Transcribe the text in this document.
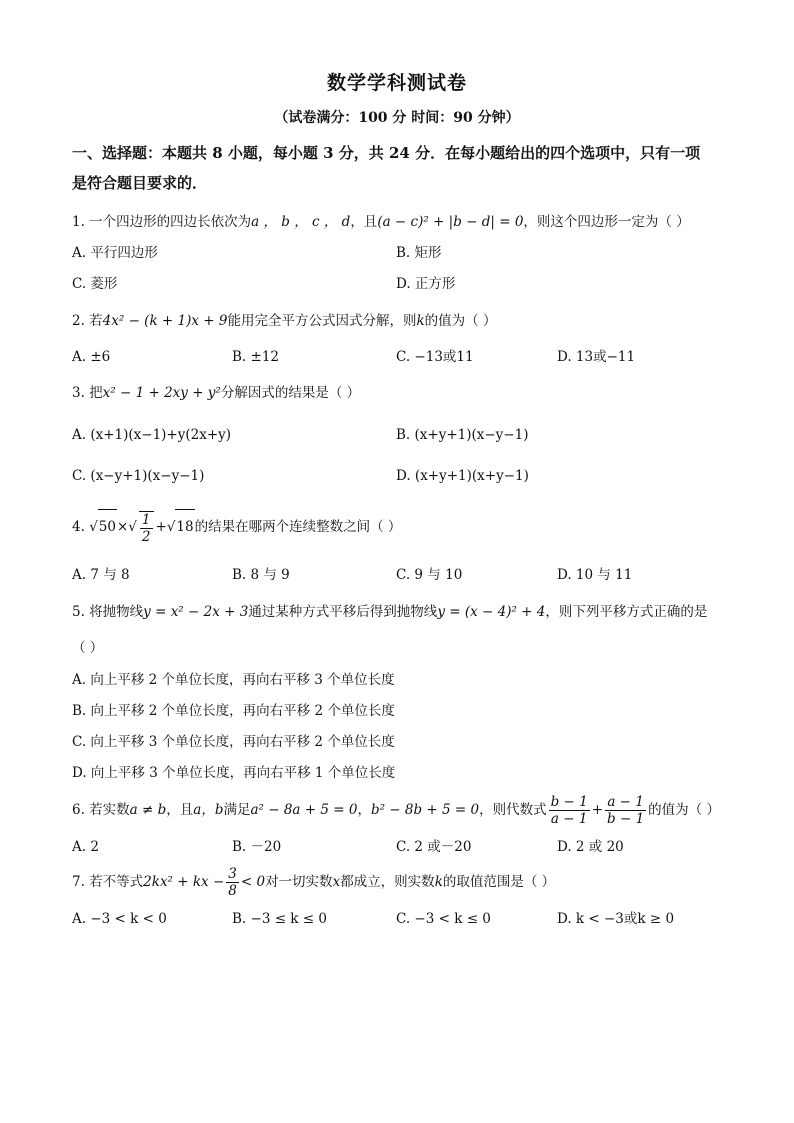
数学学科测试卷
（试卷满分：100 分 时间：90 分钟）
一、选择题：本题共 8 小题，每小题 3 分，共 24 分．在每小题给出的四个选项中，只有一项
是符合题目要求的．
1. 一个四边形的四边长依次为a ， b ， c ， d，且(a − c)² + |b − d| = 0，则这个四边形一定为（ ）
A. 平行四边形	B. 矩形
C. 菱形	D. 正方形
2. 若4x² − (k + 1)x + 9能用完全平方公式因式分解，则k的值为（ ）
A. ±6	B. ±12	C. −13或11	D. 13或−11
3. 把x² − 1 + 2xy + y²分解因式的结果是（ ）
A. (x+1)(x−1)+y(2x+y)	B. (x+y+1)(x−y−1)
C. (x−y+1)(x−y−1)	D. (x+y+1)(x+y−1)
4. $√50\times√ \frac{1}{2} +√18$的结果在哪两个连续整数之间（ ）
A. 7 与 8	B. 8 与 9	C. 9 与 10	D. 10 与 11
5. 将抛物线y = x² − 2x + 3通过某种方式平移后得到抛物线y = (x − 4)² + 4，则下列平移方式正确的是
（ ）
A. 向上平移 2 个单位长度，再向右平移 3 个单位长度
B. 向上平移 2 个单位长度，再向右平移 2 个单位长度
C. 向上平移 3 个单位长度，再向右平移 2 个单位长度
D. 向上平移 3 个单位长度，再向右平移 1 个单位长度
6. 若实数a ≠ b，且a，b满足a² − 8a + 5 = 0，b² − 8b + 5 = 0，则代数式 $\frac{b - 1}{a - 1} + \frac{a - 1}{b - 1}$ 的值为（ ）
A. 2	B. －20	C. 2 或－20	D. 2 或 20
7. 若不等式2kx² + kx − $\frac{3}{8} < 0$对一切实数x都成立，则实数k的取值范围是（ ）
A. −3 < k < 0	B. −3 ≤ k ≤ 0	C. −3 < k ≤ 0	D. k < −3或k ≥ 0
